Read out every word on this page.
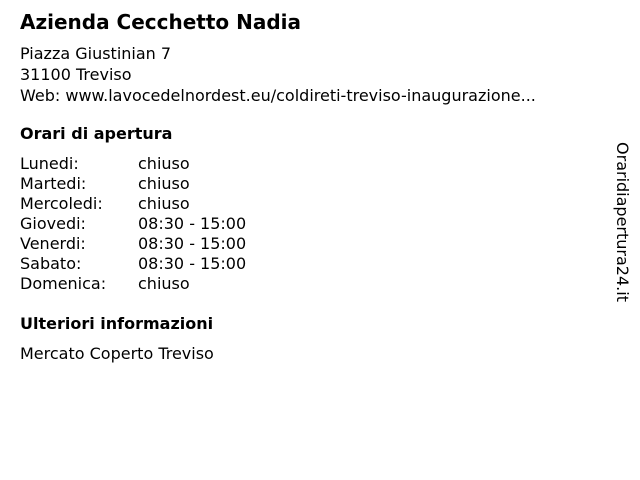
Azienda Cecchetto Nadia
Piazza Giustinian 7
31100 Treviso
Web: www.lavocedelnordest.eu/coldireti-treviso-inaugurazione...
Orari di apertura
Lunedi:	chiuso
Martedi:	chiuso
Mercoledi:	chiuso
Giovedi:	08:30 - 15:00
Venerdi:	08:30 - 15:00
Sabato:	08:30 - 15:00
Domenica:	chiuso
Ulteriori informazioni
Mercato Coperto Treviso
Oraridiapertura24.it
